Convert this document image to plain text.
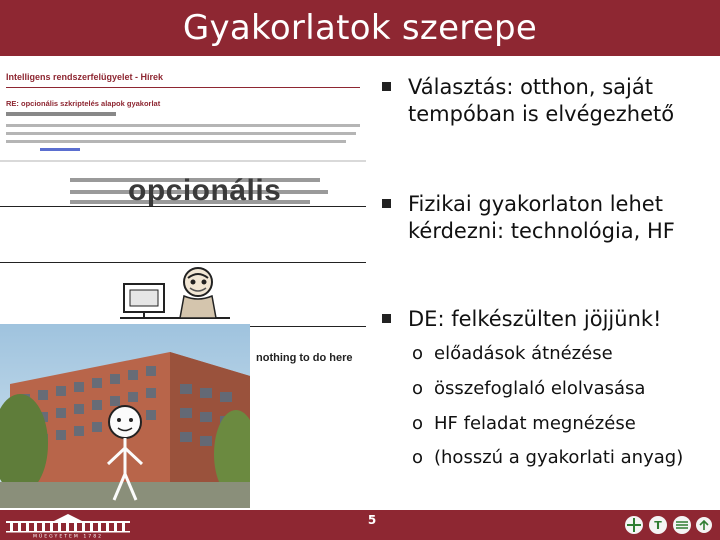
Gyakorlatok szerepe
Intelligens rendszerfelügyelet - Hírek
RE: opcionális szkriptelés alapok gyakorlat
opcionális
nothing to do here
Választás: otthon, saját
tempóban is elvégezhető
Fizikai gyakorlaton lehet
kérdezni: technológia, HF
DE: felkészülten jöjjünk!
o előadások átnézése
o összefoglaló elolvasása
o HF feladat megnézése
o (hosszú a gyakorlati anyag)
MŰEGYETEM 1782
5	T
